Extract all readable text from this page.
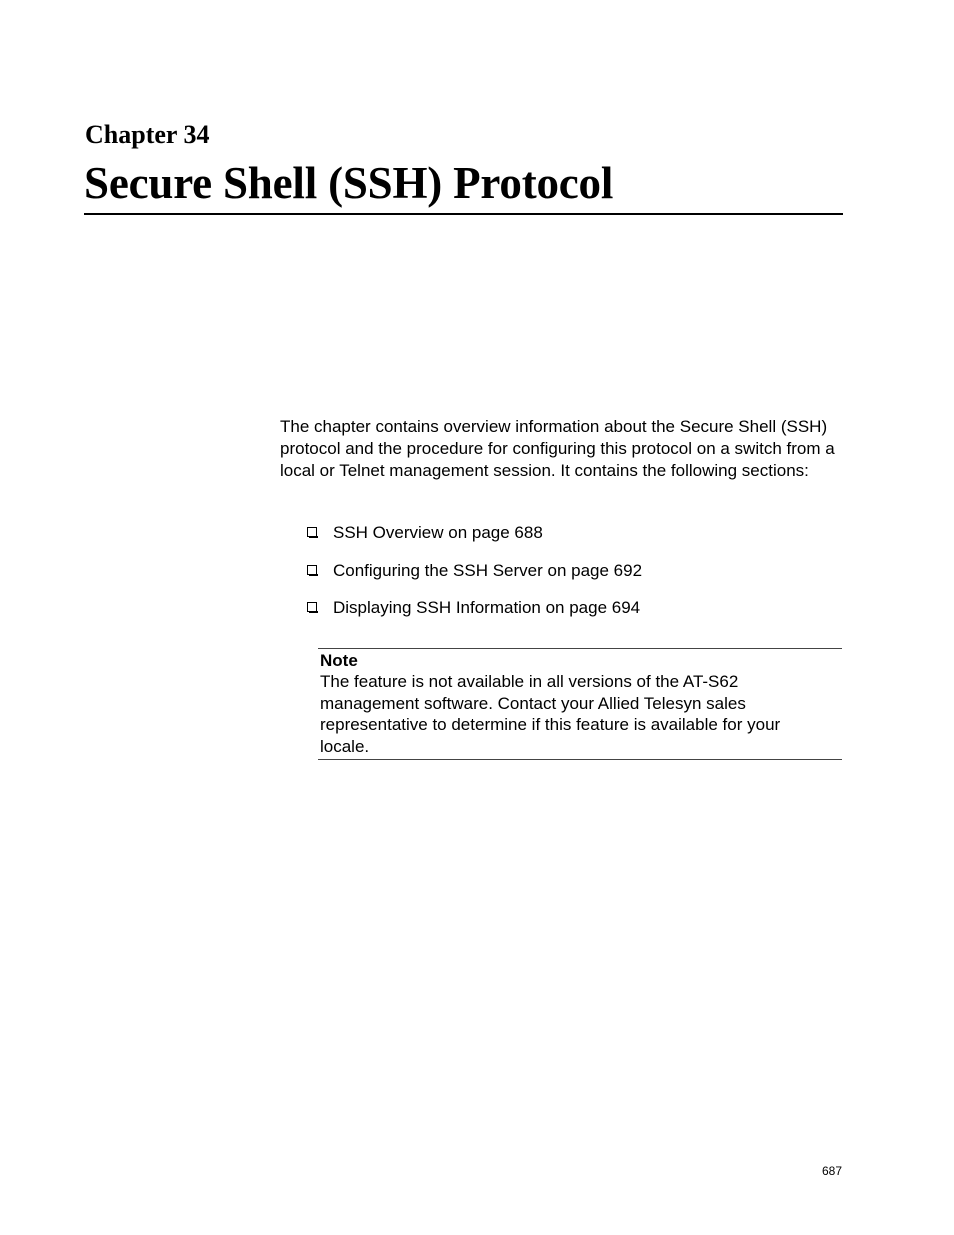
Chapter 34
Secure Shell (SSH) Protocol

The chapter contains overview information about the Secure Shell (SSH) protocol and the procedure for configuring this protocol on a switch from a local or Telnet management session. It contains the following sections:

SSH Overview on page 688
Configuring the SSH Server on page 692
Displaying SSH Information on page 694
Note
The feature is not available in all versions of the AT-S62 management software. Contact your Allied Telesyn sales representative to determine if this feature is available for your locale.
687
